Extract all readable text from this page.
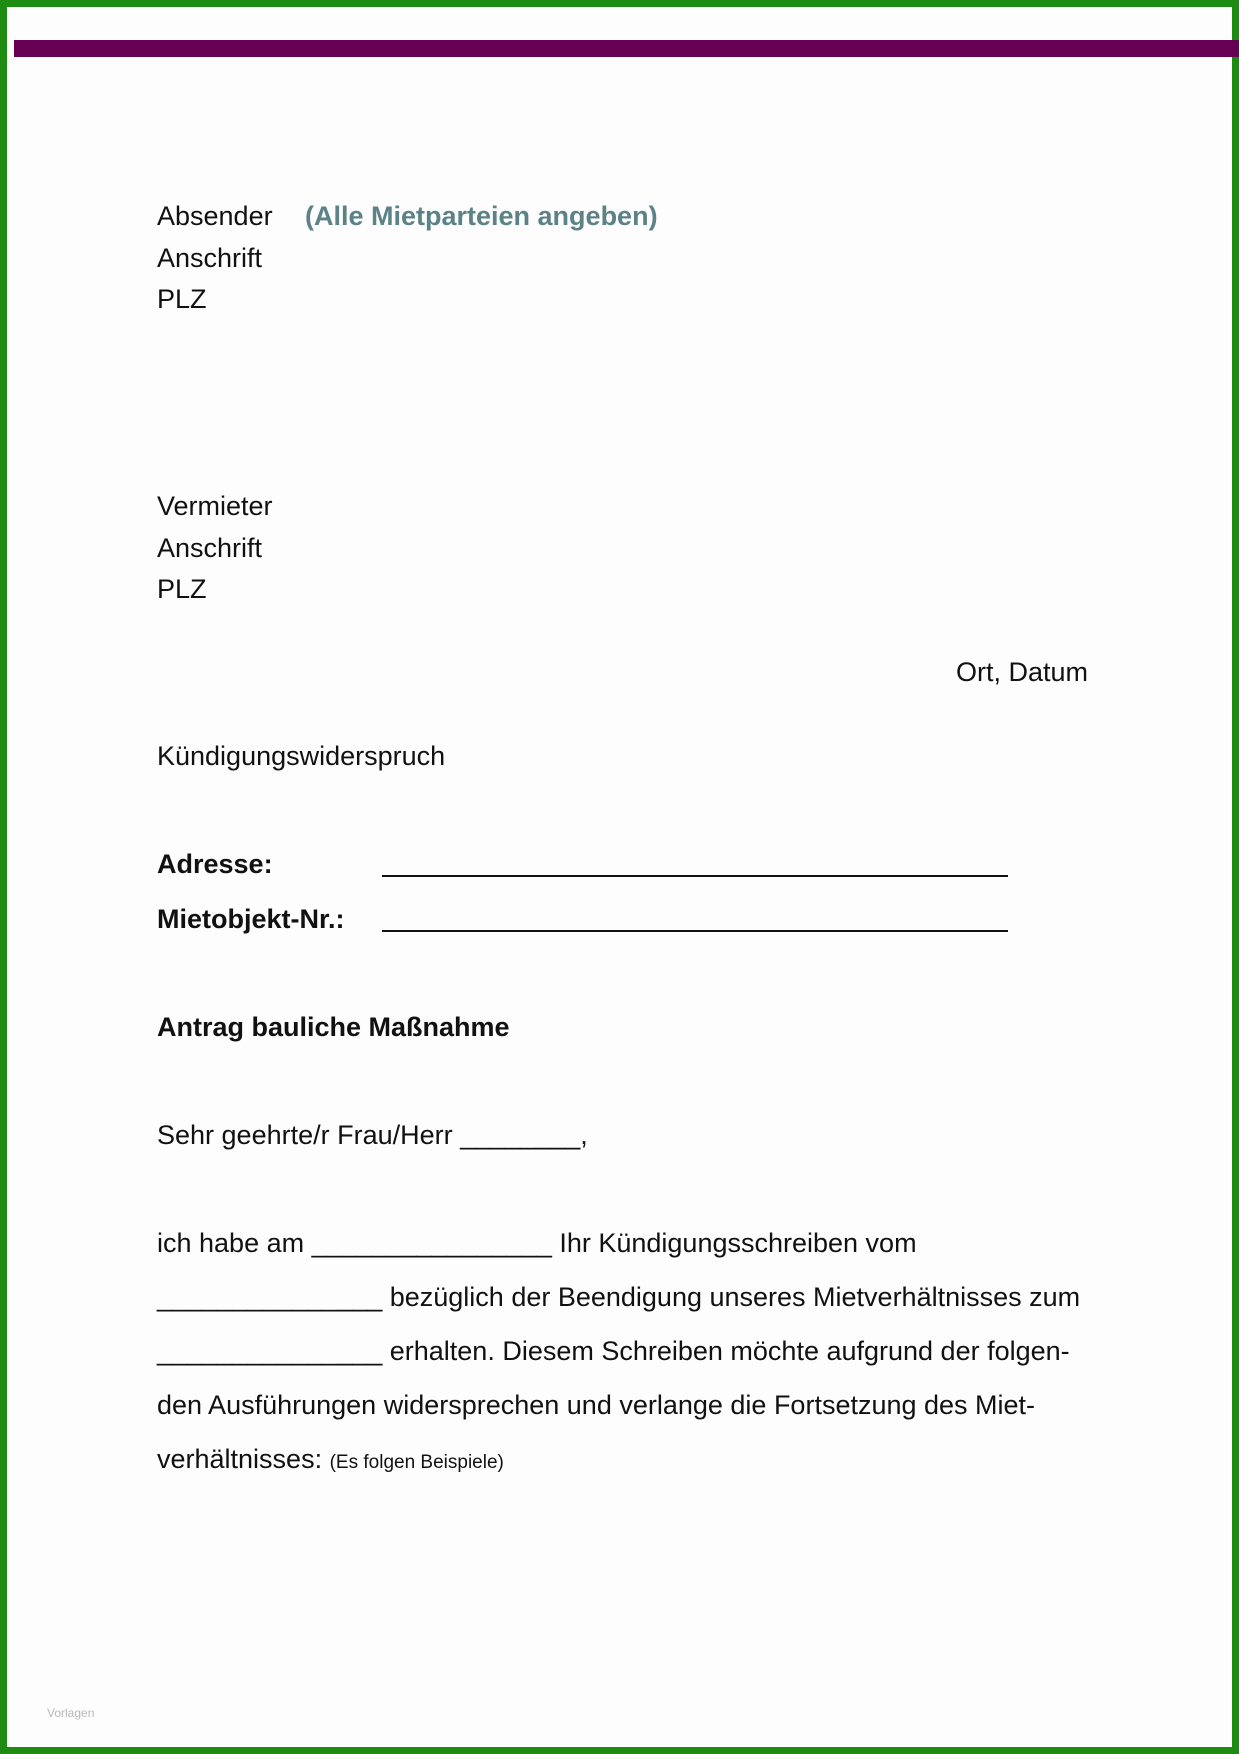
Absender (Alle Mietparteien angeben)
Anschrift
PLZ
Vermieter
Anschrift
PLZ
Ort, Datum
Kündigungswiderspruch
Adresse:
Mietobjekt-Nr.:
Antrag bauliche Maßnahme
Sehr geehrte/r Frau/Herr ________,
ich habe am ________________ Ihr Kündigungsschreiben vom
_______________ bezüglich der Beendigung unseres Mietverhältnisses zum
_______________ erhalten. Diesem Schreiben möchte aufgrund der folgen-
den Ausführungen widersprechen und verlange die Fortsetzung des Miet-
verhältnisses: (Es folgen Beispiele)
Vorlagen
